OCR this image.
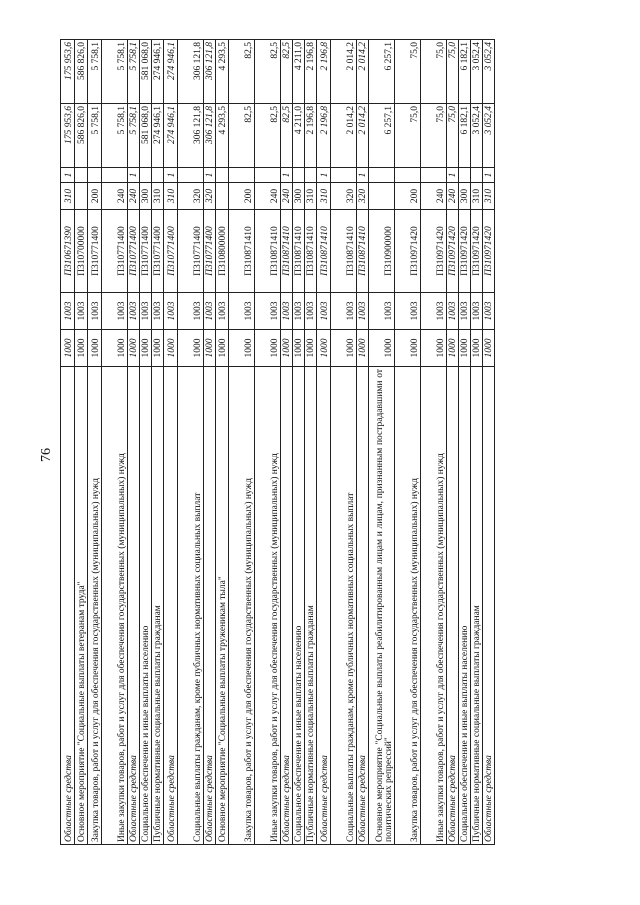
76
Областные средства	1000	1003	П310671390	310	1	175 953,6	175 953,6
Основное мероприятие "Социальные выплаты ветеранам труда"	1000	1003	П310700000			586 826,0	586 826,0
Закупка товаров, работ и услуг для обеспечения государственных (муниципальных) нужд	1000	1003	П310771400	200		5 758,1	5 758,1
Иные закупки товаров, работ и услуг для обеспечения государственных (муниципальных) нужд	1000	1003	П310771400	240		5 758,1	5 758,1
Областные средства	1000	1003	П310771400	240	1	5 758,1	5 758,1
Социальное обеспечение и иные выплаты населению	1000	1003	П310771400	300		581 068,0	581 068,0
Публичные нормативные социальные выплаты гражданам	1000	1003	П310771400	310		274 946,1	274 946,1
Областные средства	1000	1003	П310771400	310	1	274 946,1	274 946,1
Социальные выплаты гражданам, кроме публичных нормативных социальных выплат	1000	1003	П310771400	320		306 121,8	306 121,8
Областные средства	1000	1003	П310771400	320	1	306 121,8	306 121,8
Основное мероприятие "Социальные выплаты труженикам тыла"	1000	1003	П310800000			4 293,5	4 293,5
Закупка товаров, работ и услуг для обеспечения государственных (муниципальных) нужд	1000	1003	П310871410	200		82,5	82,5
Иные закупки товаров, работ и услуг для обеспечения государственных (муниципальных) нужд	1000	1003	П310871410	240		82,5	82,5
Областные средства	1000	1003	П310871410	240	1	82,5	82,5
Социальное обеспечение и иные выплаты населению	1000	1003	П310871410	300		4 211,0	4 211,0
Публичные нормативные социальные выплаты гражданам	1000	1003	П310871410	310		2 196,8	2 196,8
Областные средства	1000	1003	П310871410	310	1	2 196,8	2 196,8
Социальные выплаты гражданам, кроме публичных нормативных социальных выплат	1000	1003	П310871410	320		2 014,2	2 014,2
Областные средства	1000	1003	П310871410	320	1	2 014,2	2 014,2
Основное мероприятие "Социальные выплаты реабилитированным лицам и лицам, признанным пострадавшими от политических репрессий"	1000	1003	П310900000			6 257,1	6 257,1
Закупка товаров, работ и услуг для обеспечения государственных (муниципальных) нужд	1000	1003	П310971420	200		75,0	75,0
Иные закупки товаров, работ и услуг для обеспечения государственных (муниципальных) нужд	1000	1003	П310971420	240		75,0	75,0
Областные средства	1000	1003	П310971420	240	1	75,0	75,0
Социальное обеспечение и иные выплаты населению	1000	1003	П310971420	300		6 182,1	6 182,1
Публичные нормативные социальные выплаты гражданам	1000	1003	П310971420	310		3 052,4	3 052,4
Областные средства	1000	1003	П310971420	310	1	3 052,4	3 052,4
